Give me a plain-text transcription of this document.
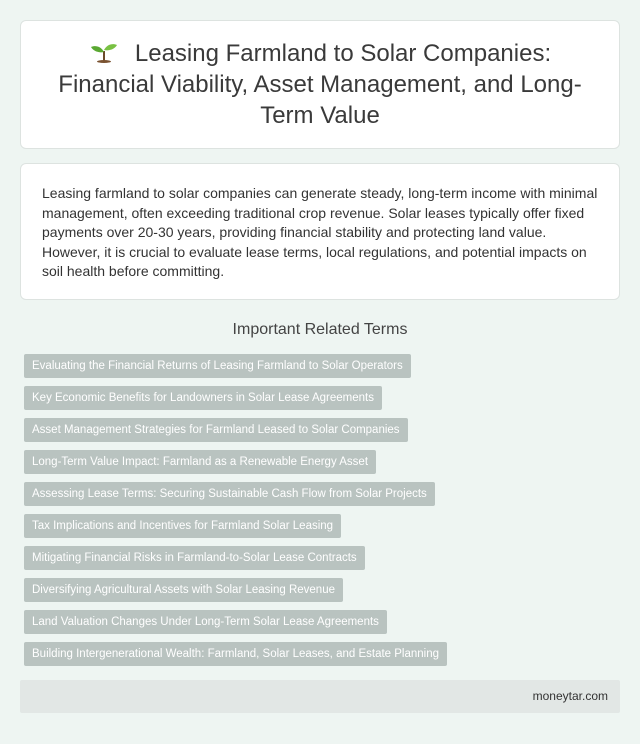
Leasing Farmland to Solar Companies: Financial Viability, Asset Management, and Long-Term Value

Leasing farmland to solar companies can generate steady, long-term income with minimal management, often exceeding traditional crop revenue. Solar leases typically offer fixed payments over 20-30 years, providing financial stability and protecting land value. However, it is crucial to evaluate lease terms, local regulations, and potential impacts on soil health before committing.

Important Related Terms
Evaluating the Financial Returns of Leasing Farmland to Solar Operators
Key Economic Benefits for Landowners in Solar Lease Agreements
Asset Management Strategies for Farmland Leased to Solar Companies
Long-Term Value Impact: Farmland as a Renewable Energy Asset
Assessing Lease Terms: Securing Sustainable Cash Flow from Solar Projects
Tax Implications and Incentives for Farmland Solar Leasing
Mitigating Financial Risks in Farmland-to-Solar Lease Contracts
Diversifying Agricultural Assets with Solar Leasing Revenue
Land Valuation Changes Under Long-Term Solar Lease Agreements
Building Intergenerational Wealth: Farmland, Solar Leases, and Estate Planning
moneytar.com
